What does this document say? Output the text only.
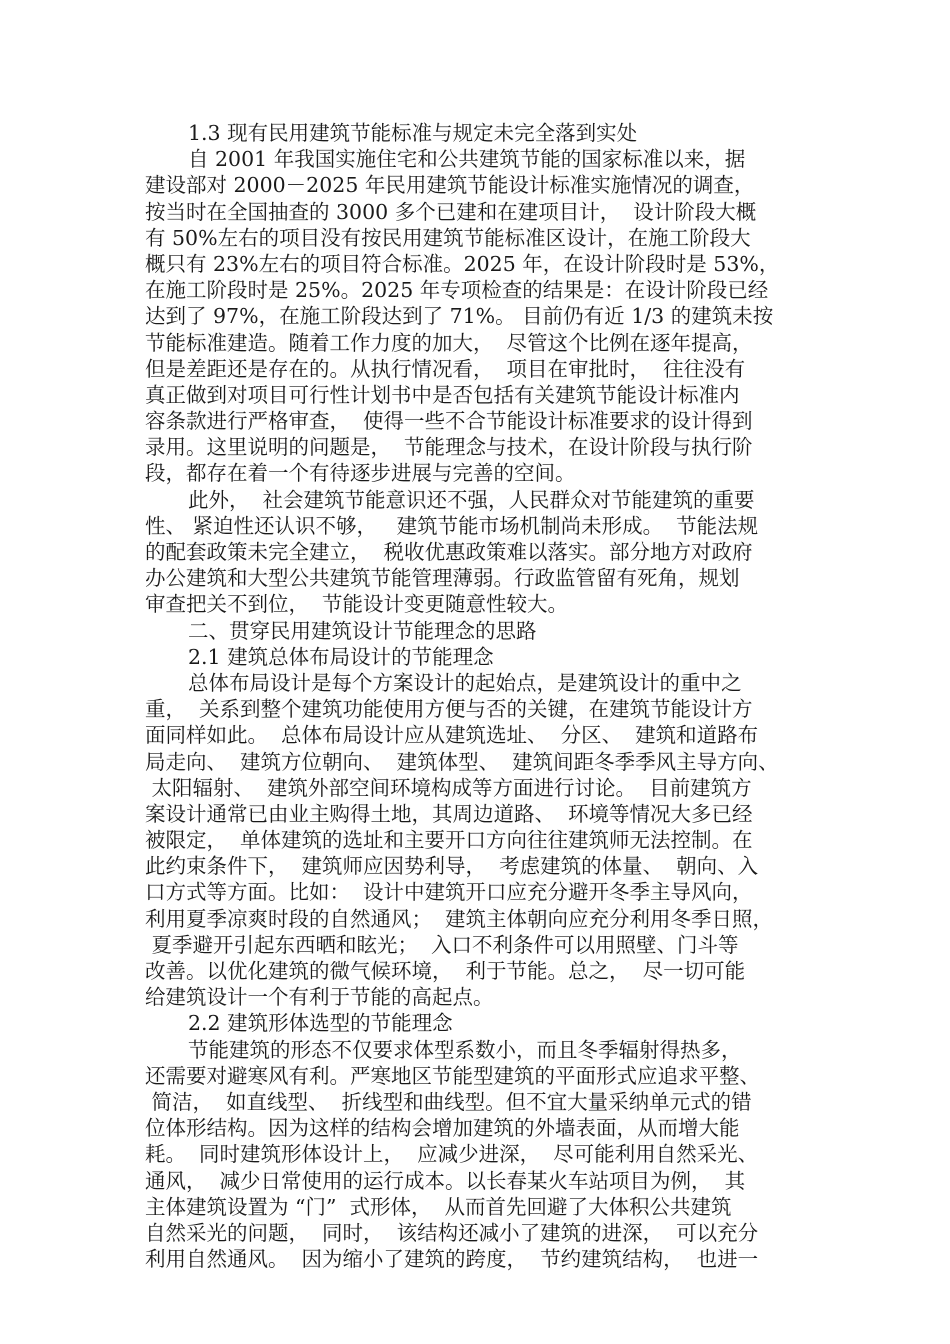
1.3 现有民用建筑节能标准与规定未完全落到实处
自 2001 年我国实施住宅和公共建筑节能的国家标准以来，据
建设部对 2000－2025 年民用建筑节能设计标准实施情况的调查，
按当时在全国抽查的 3000 多个已建和在建项目计，  设计阶段大概
有 50%左右的项目没有按民用建筑节能标准区设计，在施工阶段大
概只有 23%左右的项目符合标准。2025 年，在设计阶段时是 53%，
在施工阶段时是 25%。2025 年专项检查的结果是：在设计阶段已经
达到了 97%，在施工阶段达到了 71%。 目前仍有近 1/3 的建筑未按
节能标准建造。随着工作力度的加大，  尽管这个比例在逐年提高，
但是差距还是存在的。从执行情况看，  项目在审批时，  往往没有
真正做到对项目可行性计划书中是否包括有关建筑节能设计标准内
容条款进行严格审查，  使得一些不合节能设计标准要求的设计得到
录用。这里说明的问题是，  节能理念与技术，在设计阶段与执行阶
段，都存在着一个有待逐步进展与完善的空间。
此外，  社会建筑节能意识还不强，人民群众对节能建筑的重要
性、 紧迫性还认识不够，   建筑节能市场机制尚未形成。  节能法规
的配套政策未完全建立，  税收优惠政策难以落实。部分地方对政府
办公建筑和大型公共建筑节能管理薄弱。行政监管留有死角，规划
审查把关不到位，  节能设计变更随意性较大。
二、贯穿民用建筑设计节能理念的思路
2.1 建筑总体布局设计的节能理念
总体布局设计是每个方案设计的起始点，是建筑设计的重中之
重，  关系到整个建筑功能使用方便与否的关键，在建筑节能设计方
面同样如此。  总体布局设计应从建筑选址、  分区、  建筑和道路布
局走向、  建筑方位朝向、  建筑体型、  建筑间距冬季季风主导方向、
太阳辐射、  建筑外部空间环境构成等方面进行讨论。  目前建筑方
案设计通常已由业主购得土地，其周边道路、  环境等情况大多已经
被限定，  单体建筑的选址和主要开口方向往往建筑师无法控制。在
此约束条件下，  建筑师应因势利导，  考虑建筑的体量、  朝向、入
口方式等方面。比如：  设计中建筑开口应充分避开冬季主导风向，
利用夏季凉爽时段的自然通风；  建筑主体朝向应充分利用冬季日照，
夏季避开引起东西晒和眩光；  入口不利条件可以用照壁、门斗等
改善。以优化建筑的微气候环境，  利于节能。总之，  尽一切可能
给建筑设计一个有利于节能的高起点。
2.2 建筑形体选型的节能理念
节能建筑的形态不仅要求体型系数小，而且冬季辐射得热多，
还需要对避寒风有利。严寒地区节能型建筑的平面形式应追求平整、
简洁，  如直线型、  折线型和曲线型。但不宜大量采纳单元式的错
位体形结构。因为这样的结构会增加建筑的外墙表面，从而增大能
耗。  同时建筑形体设计上，  应减少进深，  尽可能利用自然采光、
通风，  减少日常使用的运行成本。以长春某火车站项目为例，  其
主体建筑设置为 “门”  式形体，  从而首先回避了大体积公共建筑
自然采光的问题，  同时，  该结构还减小了建筑的进深，  可以充分
利用自然通风。  因为缩小了建筑的跨度，  节约建筑结构，  也进一
